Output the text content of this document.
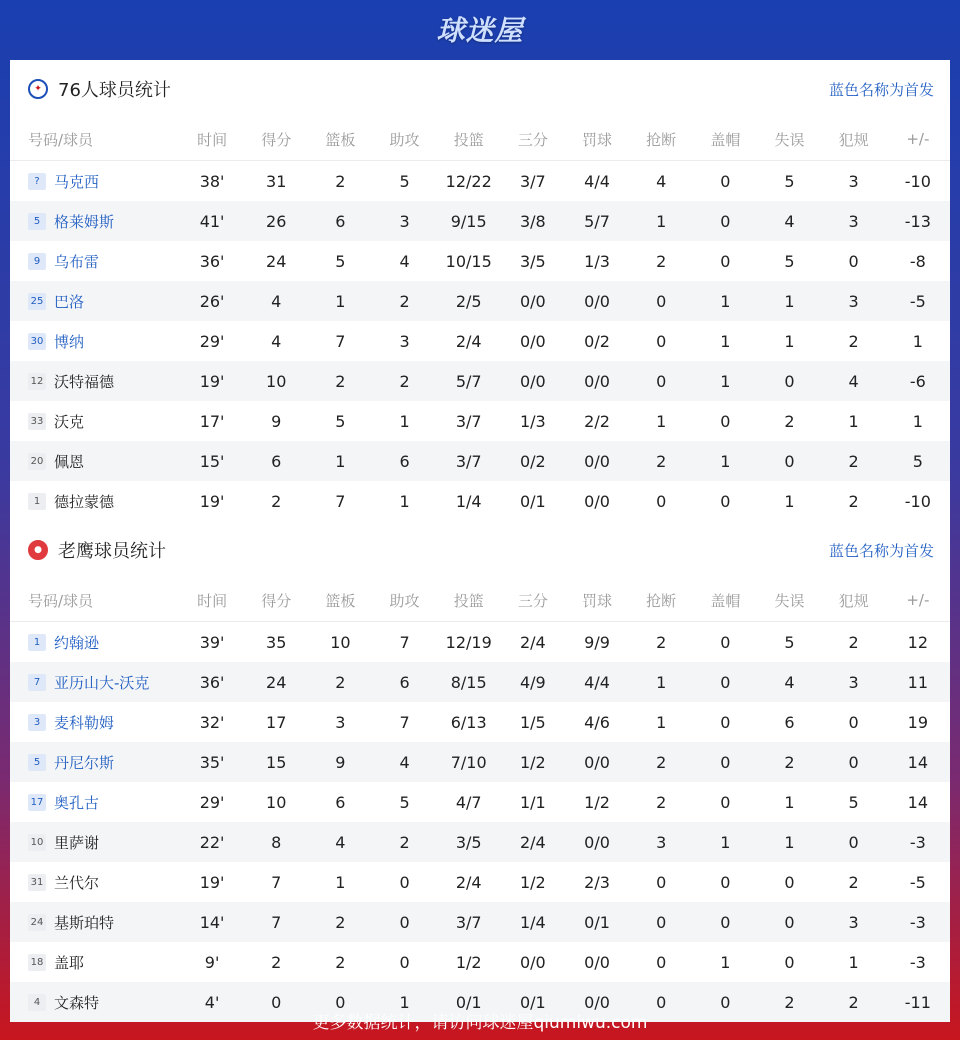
球迷屋
✦ 76人球员统计	蓝色名称为首发
号码/球员	时间	得分	篮板	助攻	投篮	三分	罚球	抢断	盖帽	失误	犯规	+/-
? 马克西	38'	31	2	5	12/22	3/7	4/4	4	0	5	3	-10
5 格莱姆斯	41'	26	6	3	9/15	3/8	5/7	1	0	4	3	-13
9 乌布雷	36'	24	5	4	10/15	3/5	1/3	2	0	5	0	-8
25 巴洛	26'	4	1	2	2/5	0/0	0/0	0	1	1	3	-5
30 博纳	29'	4	7	3	2/4	0/0	0/2	0	1	1	2	1
12 沃特福德	19'	10	2	2	5/7	0/0	0/0	0	1	0	4	-6
33 沃克	17'	9	5	1	3/7	1/3	2/2	1	0	2	1	1
20 佩恩	15'	6	1	6	3/7	0/2	0/0	2	1	0	2	5
1 德拉蒙德	19'	2	7	1	1/4	0/1	0/0	0	0	1	2	-10
● 老鹰球员统计	蓝色名称为首发
号码/球员	时间	得分	篮板	助攻	投篮	三分	罚球	抢断	盖帽	失误	犯规	+/-
1 约翰逊	39'	35	10	7	12/19	2/4	9/9	2	0	5	2	12
7 亚历山大-沃克	36'	24	2	6	8/15	4/9	4/4	1	0	4	3	11
3 麦科勒姆	32'	17	3	7	6/13	1/5	4/6	1	0	6	0	19
5 丹尼尔斯	35'	15	9	4	7/10	1/2	0/0	2	0	2	0	14
17 奥孔古	29'	10	6	5	4/7	1/1	1/2	2	0	1	5	14
10 里萨谢	22'	8	4	2	3/5	2/4	0/0	3	1	1	0	-3
31 兰代尔	19'	7	1	0	2/4	1/2	2/3	0	0	0	2	-5
24 基斯珀特	14'	7	2	0	3/7	1/4	0/1	0	0	0	3	-3
18 盖耶	9'	2	2	0	1/2	0/0	0/0	0	1	0	1	-3
4 文森特	4'	0	0	1	0/1	0/1	0/0	0	0	2	2	-11
更多数据统计，请访问球迷屋qiumiwu.com
